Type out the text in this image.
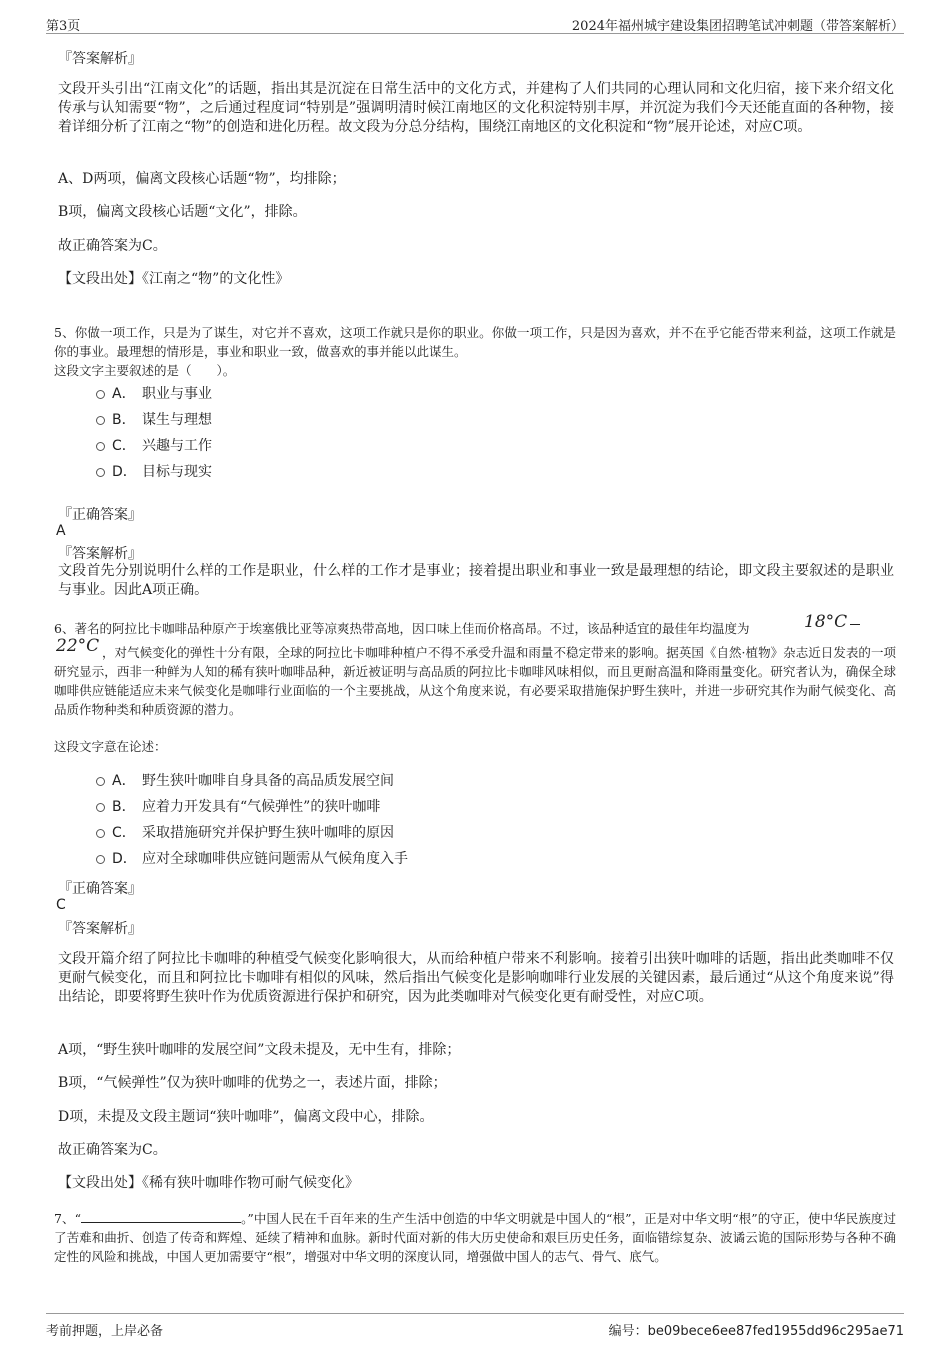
第3页	2024年福州城宇建设集团招聘笔试冲刺题（带答案解析）
『答案解析』

文段开头引出“江南文化”的话题，指出其是沉淀在日常生活中的文化方式，并建构了人们共同的心理认同和文化归宿，接下来介绍文化传承与认知需要“物”，之后通过程度词“特别是”强调明清时候江南地区的文化积淀特别丰厚，并沉淀为我们今天还能直面的各种物，接着详细分析了江南之“物”的创造和进化历程。故文段为分总分结构，围绕江南地区的文化积淀和“物”展开论述，对应C项。

A、D两项，偏离文段核心话题“物”，均排除；

B项，偏离文段核心话题“文化”，排除。

故正确答案为C。

【文段出处】《江南之“物”的文化性》

5、你做一项工作，只是为了谋生，对它并不喜欢，这项工作就只是你的职业。你做一项工作，只是因为喜欢，并不在乎它能否带来利益，这项工作就是你的事业。最理想的情形是，事业和职业一致，做喜欢的事并能以此谋生。

这段文字主要叙述的是（　　）。
A． 职业与事业
B． 谋生与理想
C． 兴趣与工作
D． 目标与现实
『正确答案』
A
『答案解析』

文段首先分别说明什么样的工作是职业，什么样的工作才是事业；接着提出职业和事业一致是最理想的结论，即文段主要叙述的是职业与事业。因此A项正确。

6、著名的阿拉比卡咖啡品种原产于埃塞俄比亚等凉爽热带高地，因口味上佳而价格高昂。不过，该品种适宜的最佳年均温度为	18°C
22°C ，对气候变化的弹性十分有限，全球的阿拉比卡咖啡种植户不得不承受升温和雨量不稳定带来的影响。据英国《自然·植物》杂志近日发表的一项研究显示，西非一种鲜为人知的稀有狭叶咖啡品种，新近被证明与高品质的阿拉比卡咖啡风味相似，而且更耐高温和降雨量变化。研究者认为，确保全球咖啡供应链能适应未来气候变化是咖啡行业面临的一个主要挑战，从这个角度来说，有必要采取措施保护野生狭叶，并进一步研究其作为耐气候变化、高品质作物种类和种质资源的潜力。

这段文字意在论述：
A． 野生狭叶咖啡自身具备的高品质发展空间
B． 应着力开发具有“气候弹性”的狭叶咖啡
C． 采取措施研究并保护野生狭叶咖啡的原因
D． 应对全球咖啡供应链问题需从气候角度入手
『正确答案』
C
『答案解析』

文段开篇介绍了阿拉比卡咖啡的种植受气候变化影响很大，从而给种植户带来不利影响。接着引出狭叶咖啡的话题，指出此类咖啡不仅更耐气候变化，而且和阿拉比卡咖啡有相似的风味，然后指出气候变化是影响咖啡行业发展的关键因素，最后通过“从这个角度来说”得出结论，即要将野生狭叶作为优质资源进行保护和研究，因为此类咖啡对气候变化更有耐受性，对应C项。

A项，“野生狭叶咖啡的发展空间”文段未提及，无中生有，排除；

B项，“气候弹性”仅为狭叶咖啡的优势之一，表述片面，排除；

D项，未提及文段主题词“狭叶咖啡”，偏离文段中心，排除。

故正确答案为C。

【文段出处】《稀有狭叶咖啡作物可耐气候变化》

7、“	。”中国人民在千百年来的生产生活中创造的中华文明就是中国人的“根”，正是对中华文明“根”的守正，使中华民族度过了苦难和曲折、创造了传奇和辉煌、延续了精神和血脉。新时代面对新的伟大历史使命和艰巨历史任务，面临错综复杂、波谲云诡的国际形势与各种不确定性的风险和挑战，中国人更加需要守“根”，增强对中华文明的深度认同，增强做中国人的志气、骨气、底气。

考前押题，上岸必备	编号：be09bece6ee87fed1955dd96c295ae71
